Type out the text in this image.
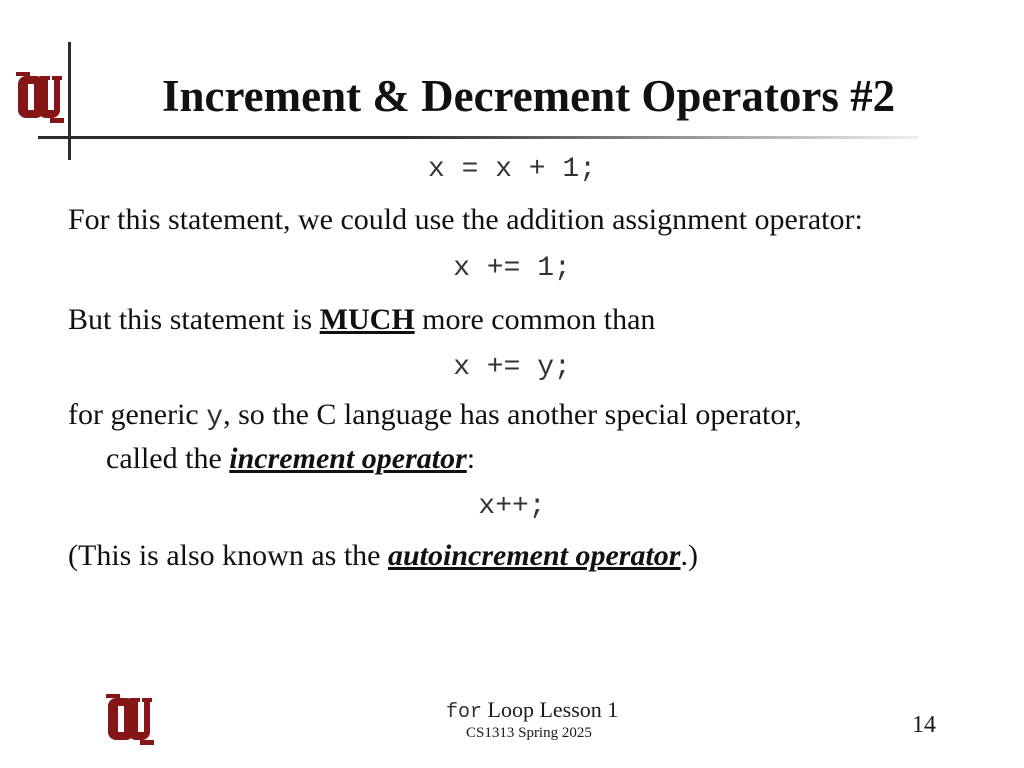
Increment & Decrement Operators #2
x = x + 1;
For this statement, we could use the addition assignment operator:
x += 1;
But this statement is MUCH more common than
x += y;
for generic y, so the C language has another special operator,
called the increment operator:
x++;
(This is also known as the autoincrement operator.)
for Loop Lesson 1
CS1313 Spring 2025	14
